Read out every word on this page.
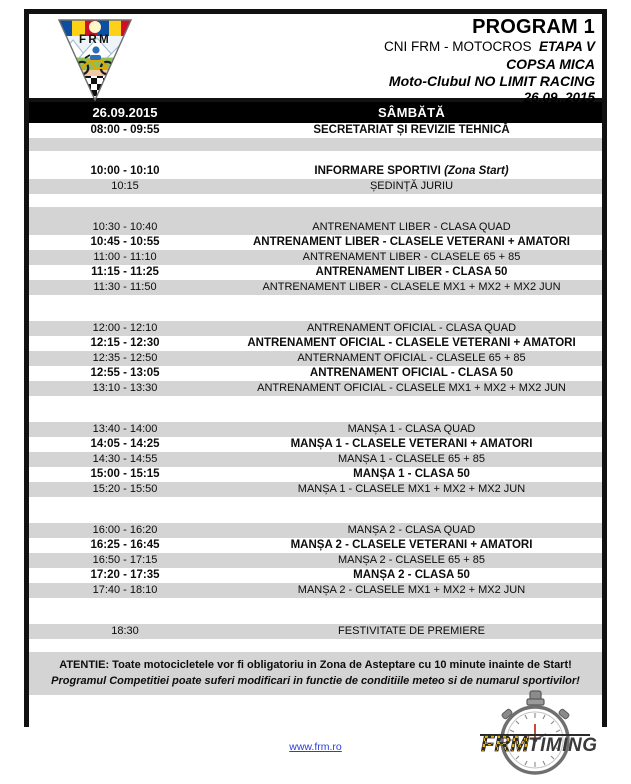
FRM
PROGRAM 1
CNI FRM - MOTOCROS ETAPA V
COPSA MICA
Moto-Clubul NO LIMIT RACING
26.09..2015
26.09.2015	SÂMBĂTĂ
08:00 - 09:55	SECRETARIAT ȘI REVIZIE TEHNICĂ

10:00 - 10:10	INFORMARE SPORTIVI (Zona Start)
10:15	ȘEDINȚĂ JURIU

10:30 - 10:40	ANTRENAMENT LIBER - CLASA QUAD
10:45 - 10:55	ANTRENAMENT LIBER - CLASELE VETERANI + AMATORI
11:00 - 11:10	ANTRENAMENT LIBER - CLASELE 65 + 85
11:15 - 11:25	ANTRENAMENT LIBER - CLASA 50
11:30 - 11:50	ANTRENAMENT LIBER - CLASELE MX1 + MX2 + MX2 JUN

12:00 - 12:10	ANTRENAMENT OFICIAL - CLASA QUAD
12:15 - 12:30	ANTRENAMENT OFICIAL - CLASELE VETERANI + AMATORI
12:35 - 12:50	ANTERNAMENT OFICIAL - CLASELE 65 + 85
12:55 - 13:05	ANTRENAMENT OFICIAL - CLASA 50
13:10 - 13:30	ANTRENAMENT OFICIAL - CLASELE MX1 + MX2 + MX2 JUN

13:40 - 14:00	MANȘA 1 - CLASA QUAD
14:05 - 14:25	MANȘA 1 - CLASELE VETERANI + AMATORI
14:30 - 14:55	MANȘA 1 - CLASELE 65 + 85
15:00 - 15:15	MANȘA 1 - CLASA 50
15:20 - 15:50	MANȘA 1 - CLASELE MX1 + MX2 + MX2 JUN

16:00 - 16:20	MANȘA 2 - CLASA QUAD
16:25 - 16:45	MANȘA 2 - CLASELE VETERANI + AMATORI
16:50 - 17:15	MANȘA 2 - CLASELE 65 + 85
17:20 - 17:35	MANȘA 2 - CLASA 50
17:40 - 18:10	MANȘA 2 - CLASELE MX1 + MX2 + MX2 JUN

18:30	FESTIVITATE DE PREMIERE

ATENTIE: Toate motocicletele vor fi obligatoriu in Zona de Asteptare cu 10 minute inainte de Start!
Programul Competitiei poate suferi modificari in functie de conditiile meteo si de numarul sportivilor!
www.frm.ro	FRM TIMING
